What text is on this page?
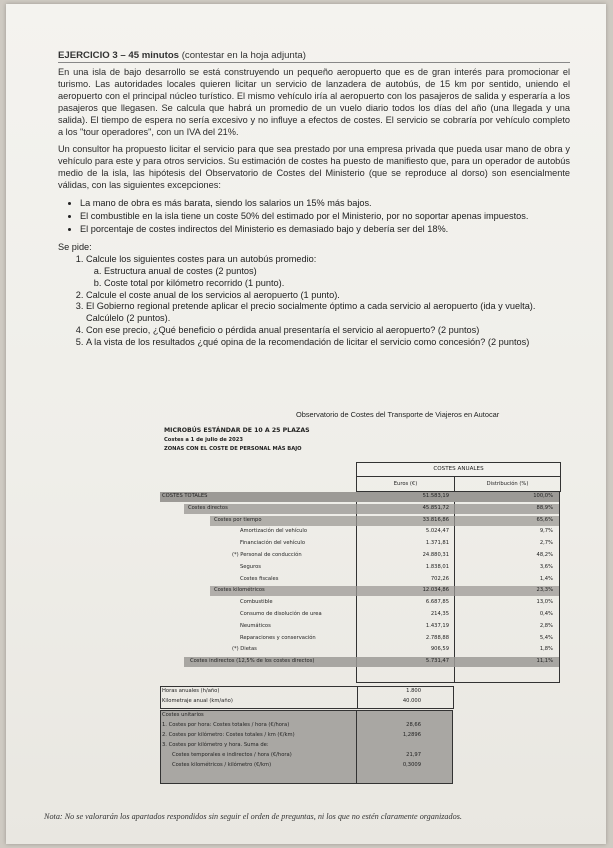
EJERCICIO 3 – 45 minutos (contestar en la hoja adjunta)

En una isla de bajo desarrollo se está construyendo un pequeño aeropuerto que es de gran interés para promocionar el turismo. Las autoridades locales quieren licitar un servicio de lanzadera de autobús, de 15 km por sentido, uniendo el aeropuerto con el principal núcleo turístico. El mismo vehículo iría al aeropuerto con los pasajeros de salida y esperaría a los pasajeros que llegasen. Se calcula que habrá un promedio de un vuelo diario todos los días del año (una llegada y una salida). El tiempo de espera no sería excesivo y no influye a efectos de costes. El servicio se cobraría por vehículo completo a los "tour operadores", con un IVA del 21%.

Un consultor ha propuesto licitar el servicio para que sea prestado por una empresa privada que pueda usar mano de obra y vehículo para este y para otros servicios. Su estimación de costes ha puesto de manifiesto que, para un operador de autobús medio de la isla, las hipótesis del Observatorio de Costes del Ministerio (que se reproduce al dorso) son esencialmente válidas, con las siguientes excepciones:

• La mano de obra es más barata, siendo los salarios un 15% más bajos.
• El combustible en la isla tiene un coste 50% del estimado por el Ministerio, por no soportar apenas impuestos.
• El porcentaje de costes indirectos del Ministerio es demasiado bajo y debería ser del 18%.
Se pide:
1. Calcule los siguientes costes para un autobús promedio:
a. Estructura anual de costes (2 puntos)
b. Coste total por kilómetro recorrido (1 punto).
2. Calcule el coste anual de los servicios al aeropuerto (1 punto).
3. El Gobierno regional pretende aplicar el precio socialmente óptimo a cada servicio al aeropuerto (ida y vuelta). Calcúlelo (2 puntos).
4. Con ese precio, ¿Qué beneficio o pérdida anual presentaría el servicio al aeropuerto? (2 puntos)
5. A la vista de los resultados ¿qué opina de la recomendación de licitar el servicio como concesión? (2 puntos)
Observatorio de Costes del Transporte de Viajeros en Autocar
MICROBÚS ESTÁNDAR DE 10 A 25 PLAZAS
Costes a 1 de julio de 2023
ZONAS CON EL COSTE DE PERSONAL MÁS BAJO
COSTES ANUALES
Euros (€)	Distribución (%)
COSTES TOTALES	51.583,19	100,0%
Costes directos	45.851,72	88,9%
Costes por tiempo	33.816,86	65,6%
Amortización del vehículo	5.024,47	9,7%
Financiación del vehículo	1.371,81	2,7%
(*) Personal de conducción	24.880,31	48,2%
Seguros	1.838,01	3,6%
Costes fiscales	702,26	1,4%
Costes kilométricos	12.034,86	23,3%
Combustible	6.687,85	13,0%
Consumo de disolución de urea	214,35	0,4%
Neumáticos	1.437,19	2,8%
Reparaciones y conservación	2.788,88	5,4%
(*) Dietas	906,59	1,8%
Costes indirectos (12,5% de los costes directos)	5.731,47	11,1%
Horas anuales (h/año)	1.800
Kilometraje anual (km/año)	40.000
Costes unitarios
1. Costes por hora: Costes totales / hora (€/hora)	28,66
2. Costes por kilómetro: Costes totales / km (€/km)	1,2896
3. Costes por kilómetro y hora. Suma de:
Costes temporales e indirectos / hora (€/hora)	21,97
Costes kilométricos / kilómetro (€/km)	0,3009
Nota: No se valorarán los apartados respondidos sin seguir el orden de preguntas, ni los que no estén claramente organizados.
